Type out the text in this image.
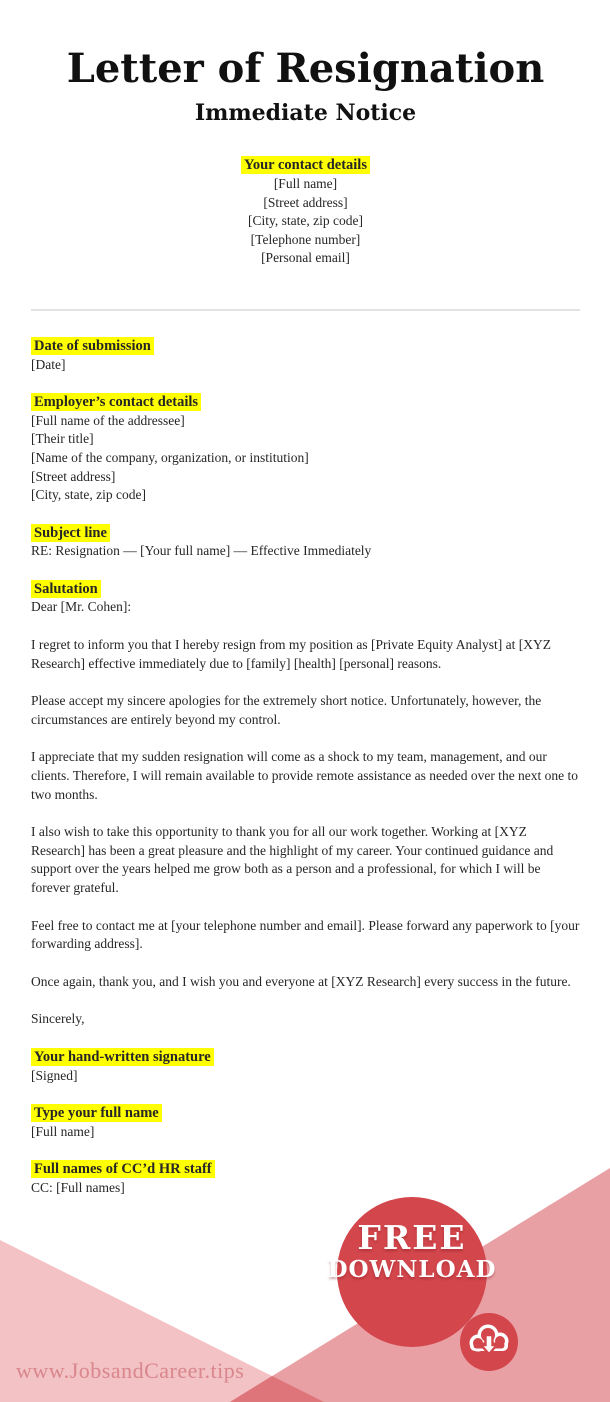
Letter of Resignation
Immediate Notice
Your contact details
[Full name]
[Street address]
[City, state, zip code]
[Telephone number]
[Personal email]
Date of submission
[Date]
Employer’s contact details
[Full name of the addressee]
[Their title]
[Name of the company, organization, or institution]
[Street address]
[City, state, zip code]
Subject line
RE: Resignation — [Your full name] — Effective Immediately
Salutation
Dear [Mr. Cohen]:

I regret to inform you that I hereby resign from my position as [Private Equity Analyst] at [XYZ Research] effective immediately due to [family] [health] [personal] reasons.

Please accept my sincere apologies for the extremely short notice. Unfortunately, however, the circumstances are entirely beyond my control.

I appreciate that my sudden resignation will come as a shock to my team, management, and our clients. Therefore, I will remain available to provide remote assistance as needed over the next one to two months.

I also wish to take this opportunity to thank you for all our work together. Working at [XYZ Research] has been a great pleasure and the highlight of my career. Your continued guidance and support over the years helped me grow both as a person and a professional, for which I will be forever grateful.

Feel free to contact me at [your telephone number and email]. Please forward any paperwork to [your forwarding address].

Once again, thank you, and I wish you and everyone at [XYZ Research] every success in the future.

Sincerely,

Your hand-written signature
[Signed]
Type your full name
[Full name]
Full names of CC’d HR staff
CC: [Full names]
FREE
DOWNLOAD
www.JobsandCareer.tips
